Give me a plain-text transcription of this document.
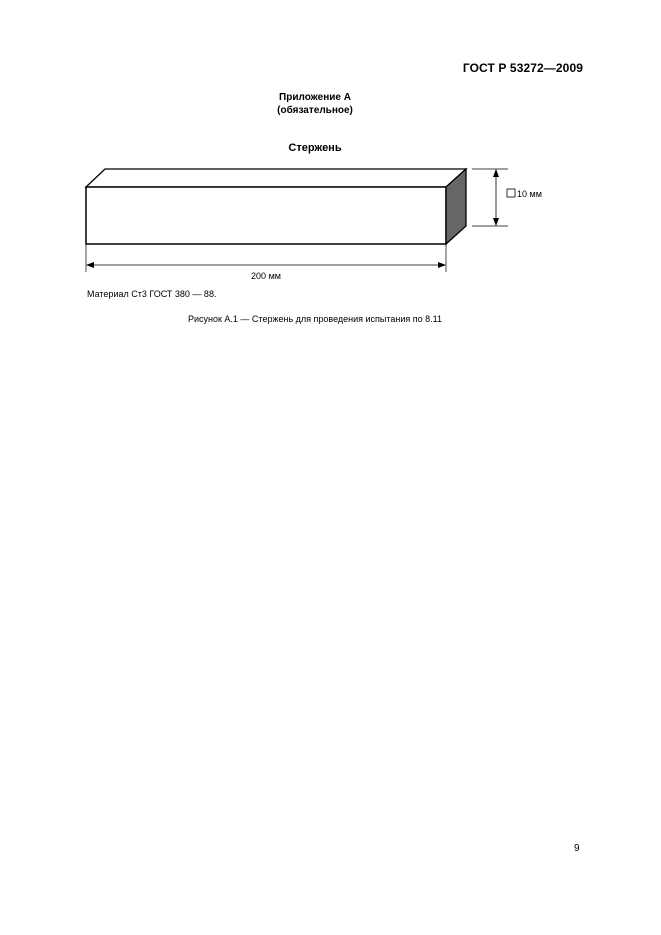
ГОСТ Р 53272—2009
Приложение А
(обязательное)
Стержень
10 мм
200 мм
Материал Ст3 ГОСТ 380 — 88.
Рисунок А.1 — Стержень для проведения испытания по 8.11
9
